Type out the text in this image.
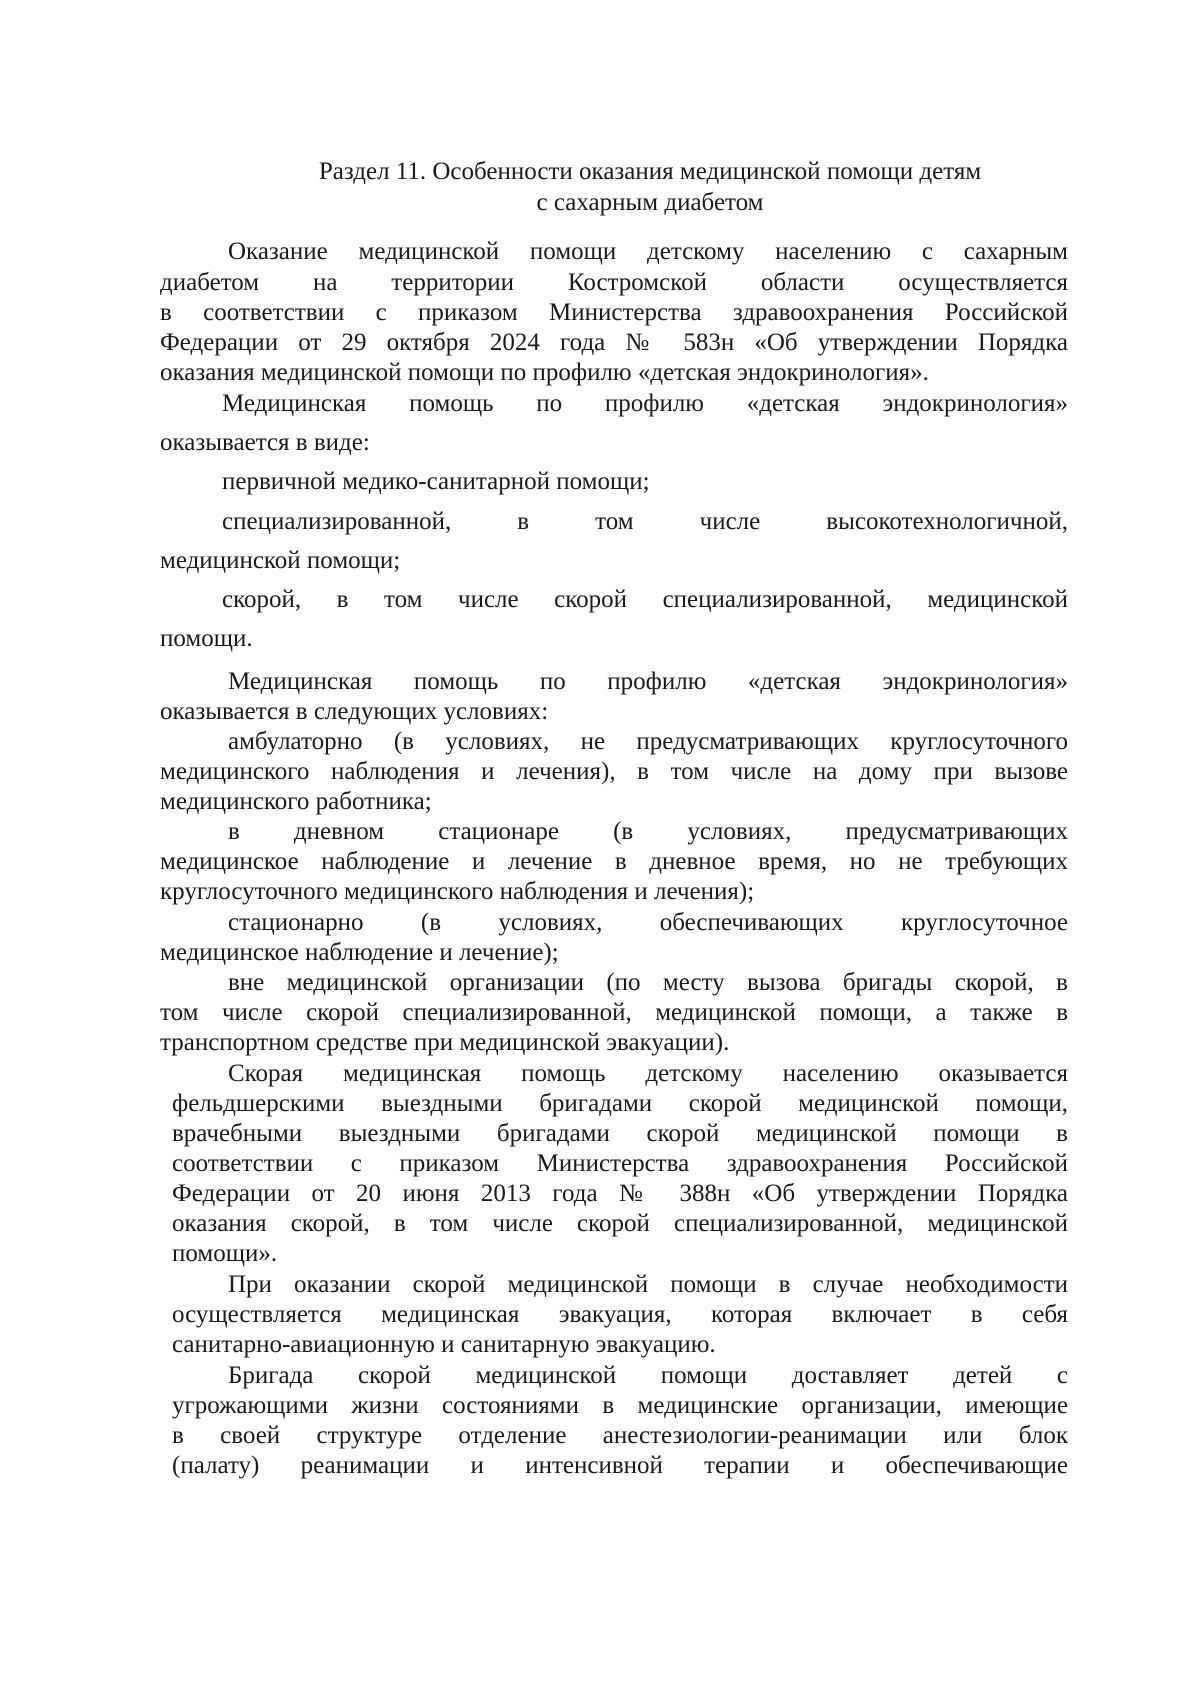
Раздел 11. Особенности оказания медицинской помощи детям
с сахарным диабетом

Оказание медицинской помощи детскому населению с сахарным

диабетом на территории Костромской области осуществляется

в соответствии с приказом Министерства здравоохранения Российской

Федерации от 29 октября 2024 года № 583н «Об утверждении Порядка

оказания медицинской помощи по профилю «детская эндокринология».

Медицинская помощь по профилю «детская эндокринология»

оказывается в виде:

первичной медико-санитарной помощи;

специализированной, в том числе высокотехнологичной,

медицинской помощи;

скорой, в том числе скорой специализированной, медицинской

помощи.

Медицинская помощь по профилю «детская эндокринология»

оказывается в следующих условиях:

амбулаторно (в условиях, не предусматривающих круглосуточного

медицинского наблюдения и лечения), в том числе на дому при вызове

медицинского работника;

в дневном стационаре (в условиях, предусматривающих

медицинское наблюдение и лечение в дневное время, но не требующих

круглосуточного медицинского наблюдения и лечения);

стационарно (в условиях, обеспечивающих круглосуточное

медицинское наблюдение и лечение);

вне медицинской организации (по месту вызова бригады скорой, в

том числе скорой специализированной, медицинской помощи, а также в

транспортном средстве при медицинской эвакуации).

Скорая медицинская помощь детскому населению оказывается

фельдшерскими выездными бригадами скорой медицинской помощи,

врачебными выездными бригадами скорой медицинской помощи в

соответствии с приказом Министерства здравоохранения Российской

Федерации от 20 июня 2013 года № 388н «Об утверждении Порядка

оказания скорой, в том числе скорой специализированной, медицинской

помощи».

При оказании скорой медицинской помощи в случае необходимости

осуществляется медицинская эвакуация, которая включает в себя

санитарно-авиационную и санитарную эвакуацию.

Бригада скорой медицинской помощи доставляет детей с

угрожающими жизни состояниями в медицинские организации, имеющие

в своей структуре отделение анестезиологии-реанимации или блок

(палату) реанимации и интенсивной терапии и обеспечивающие
